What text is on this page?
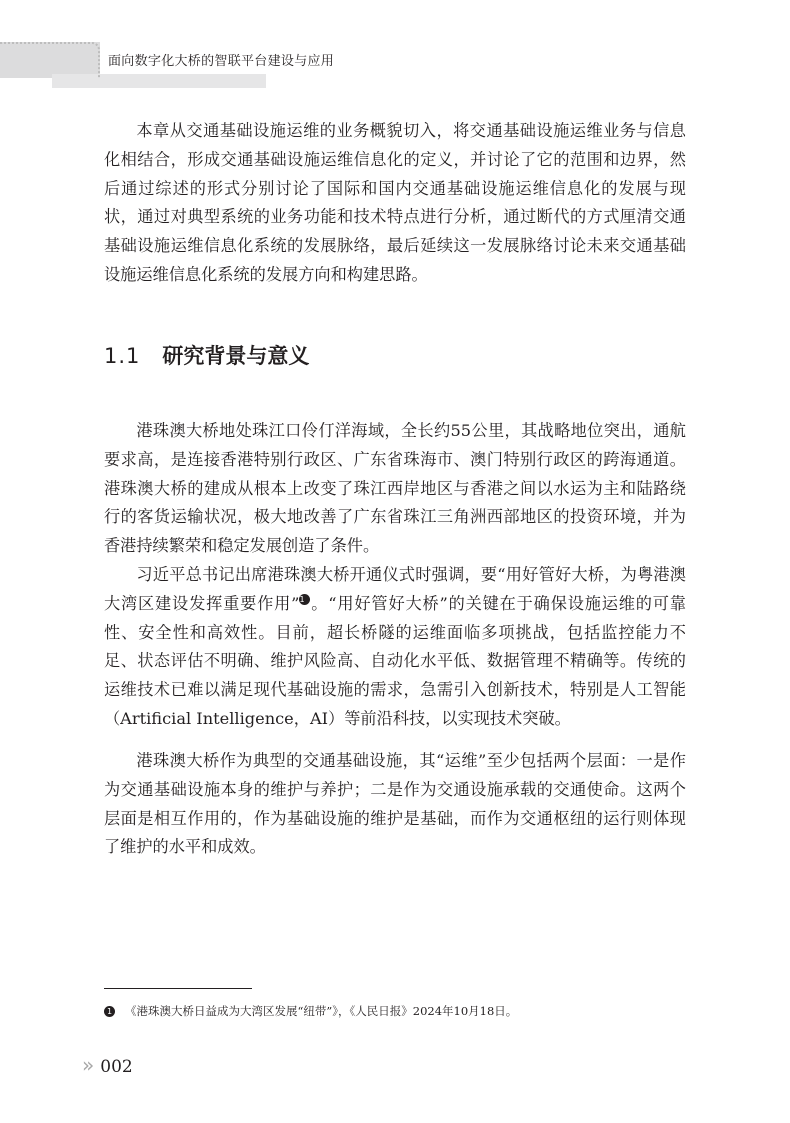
面向数字化大桥的智联平台建设与应用

本章从交通基础设施运维的业务概貌切入，将交通基础设施运维业务与信息化相结合，形成交通基础设施运维信息化的定义，并讨论了它的范围和边界，然后通过综述的形式分别讨论了国际和国内交通基础设施运维信息化的发展与现状，通过对典型系统的业务功能和技术特点进行分析，通过断代的方式厘清交通基础设施运维信息化系统的发展脉络，最后延续这一发展脉络讨论未来交通基础设施运维信息化系统的发展方向和构建思路。

1.1 研究背景与意义

港珠澳大桥地处珠江口伶仃洋海域，全长约55公里，其战略地位突出，通航要求高，是连接香港特别行政区、广东省珠海市、澳门特别行政区的跨海通道。港珠澳大桥的建成从根本上改变了珠江西岸地区与香港之间以水运为主和陆路绕行的客货运输状况，极大地改善了广东省珠江三角洲西部地区的投资环境，并为香港持续繁荣和稳定发展创造了条件。

习近平总书记出席港珠澳大桥开通仪式时强调，要“用好管好大桥，为粤港澳大湾区建设发挥重要作用”1 。“用好管好大桥”的关键在于确保设施运维的可靠性、安全性和高效性。目前，超长桥隧的运维面临多项挑战，包括监控能力不足、状态评估不明确、维护风险高、自动化水平低、数据管理不精确等。传统的运维技术已难以满足现代基础设施的需求，急需引入创新技术，特别是人工智能（Artificial Intelligence，AI）等前沿科技，以实现技术突破。

港珠澳大桥作为典型的交通基础设施，其“运维”至少包括两个层面：一是作为交通基础设施本身的维护与养护；二是作为交通设施承载的交通使命。这两个层面是相互作用的，作为基础设施的维护是基础，而作为交通枢纽的运行则体现了维护的水平和成效。

1 《港珠澳大桥日益成为大湾区发展“纽带”》，《人民日报》2024年10月18日。
» 002
